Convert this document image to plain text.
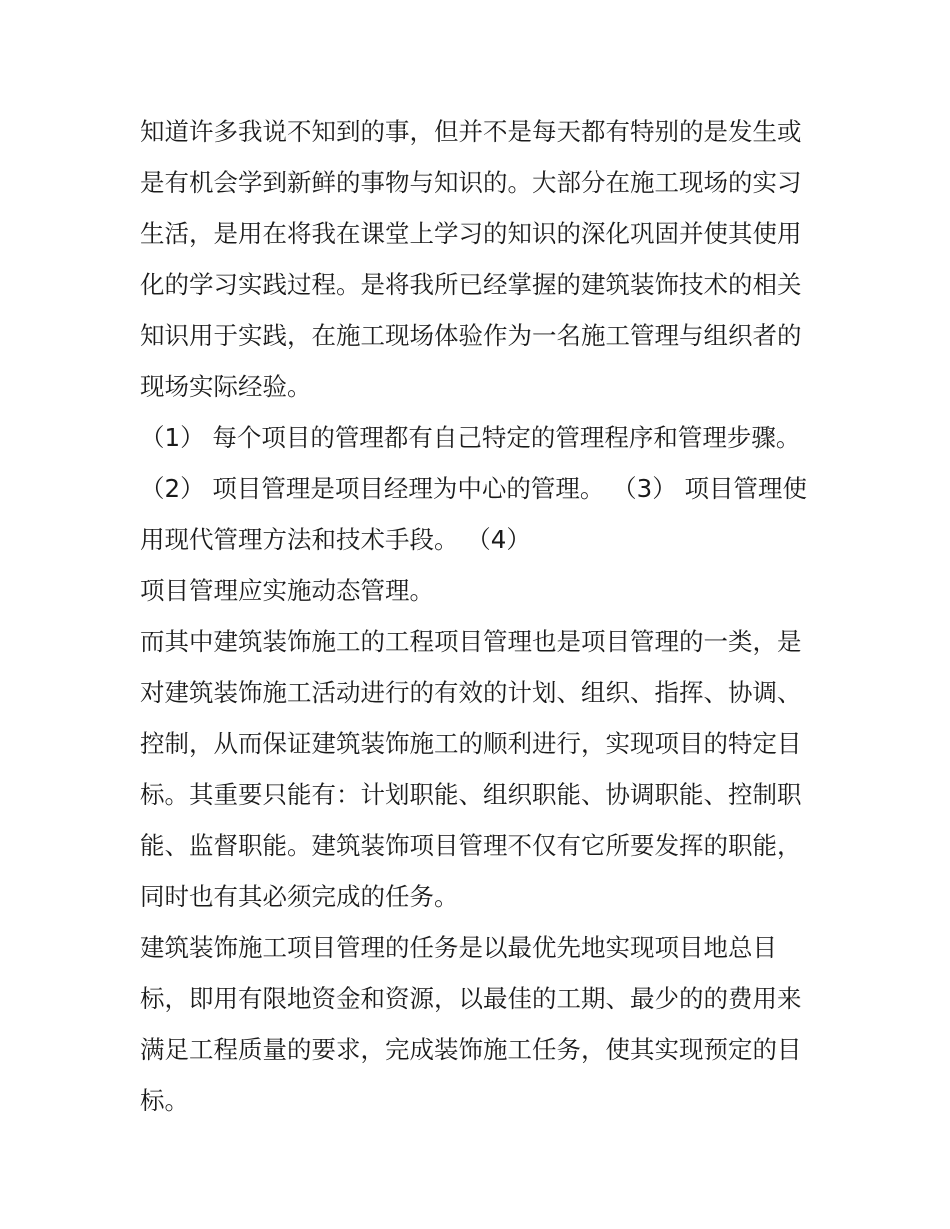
知道许多我说不知到的事，但并不是每天都有特别的是发生或
是有机会学到新鲜的事物与知识的。大部分在施工现场的实习
生活，是用在将我在课堂上学习的知识的深化巩固并使其使用
化的学习实践过程。是将我所已经掌握的建筑装饰技术的相关
知识用于实践，在施工现场体验作为一名施工管理与组织者的
现场实际经验。
（1） 每个项目的管理都有自己特定的管理程序和管理步骤。
（2） 项目管理是项目经理为中心的管理。 （3） 项目管理使
用现代管理方法和技术手段。 （4）
项目管理应实施动态管理。
而其中建筑装饰施工的工程项目管理也是项目管理的一类，是
对建筑装饰施工活动进行的有效的计划、组织、指挥、协调、
控制，从而保证建筑装饰施工的顺利进行，实现项目的特定目
标。其重要只能有：计划职能、组织职能、协调职能、控制职
能、监督职能。建筑装饰项目管理不仅有它所要发挥的职能，
同时也有其必须完成的任务。
建筑装饰施工项目管理的任务是以最优先地实现项目地总目
标，即用有限地资金和资源，以最佳的工期、最少的的费用来
满足工程质量的要求，完成装饰施工任务，使其实现预定的目
标。
